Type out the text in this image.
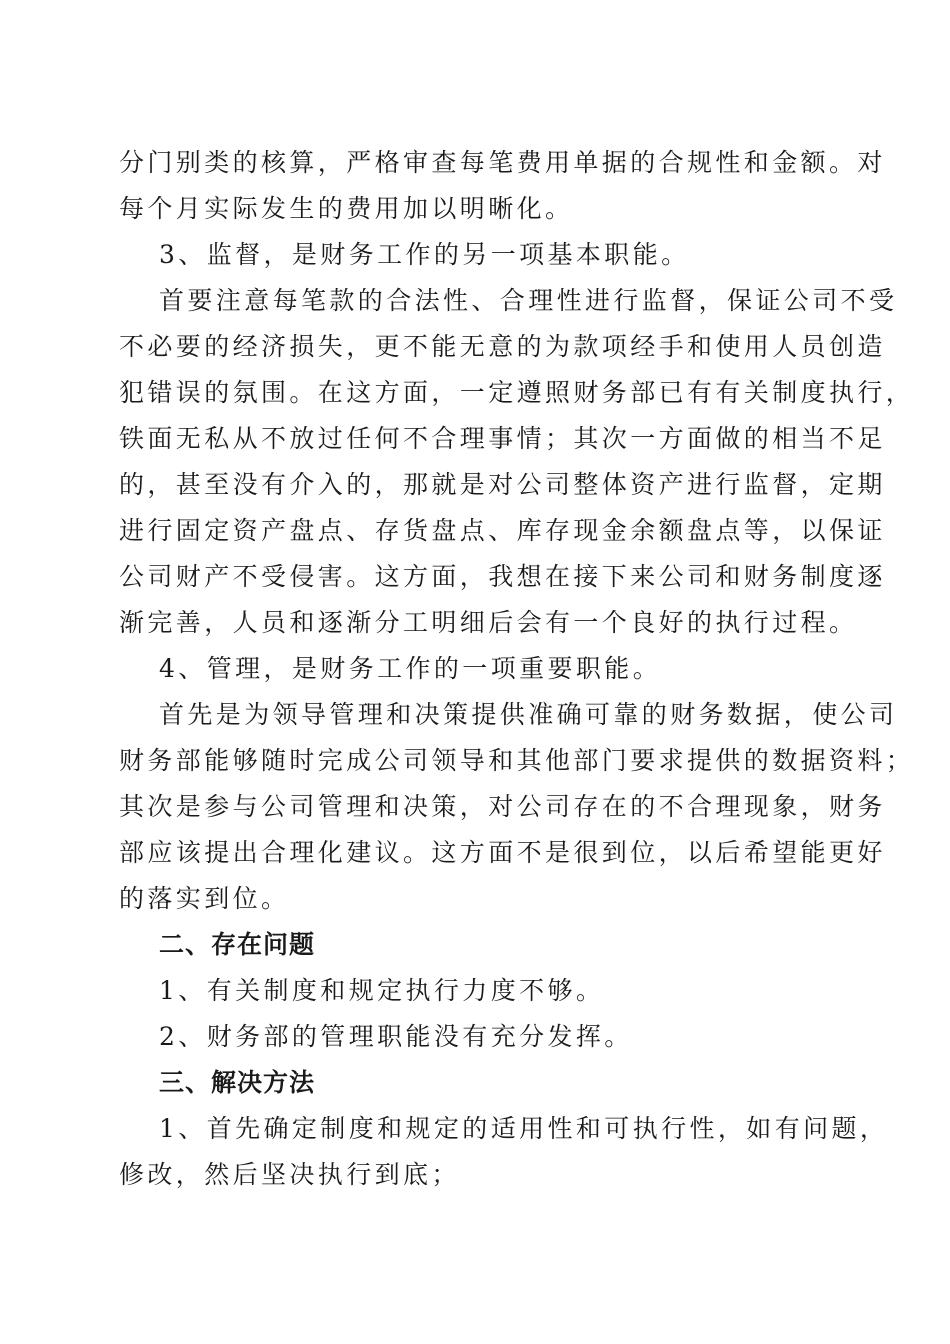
分门别类的核算，严格审查每笔费用单据的合规性和金额。对
每个月实际发生的费用加以明晰化。
3、监督，是财务工作的另一项基本职能。
首要注意每笔款的合法性、合理性进行监督，保证公司不受
不必要的经济损失，更不能无意的为款项经手和使用人员创造
犯错误的氛围。在这方面，一定遵照财务部已有有关制度执行，
铁面无私从不放过任何不合理事情；其次一方面做的相当不足
的，甚至没有介入的，那就是对公司整体资产进行监督，定期
进行固定资产盘点、存货盘点、库存现金余额盘点等，以保证
公司财产不受侵害。这方面，我想在接下来公司和财务制度逐
渐完善，人员和逐渐分工明细后会有一个良好的执行过程。
4、管理，是财务工作的一项重要职能。
首先是为领导管理和决策提供准确可靠的财务数据，使公司
财务部能够随时完成公司领导和其他部门要求提供的数据资料；
其次是参与公司管理和决策，对公司存在的不合理现象，财务
部应该提出合理化建议。这方面不是很到位，以后希望能更好
的落实到位。
二、存在问题
1、有关制度和规定执行力度不够。
2、财务部的管理职能没有充分发挥。
三、解决方法
1、首先确定制度和规定的适用性和可执行性，如有问题，
修改，然后坚决执行到底；
